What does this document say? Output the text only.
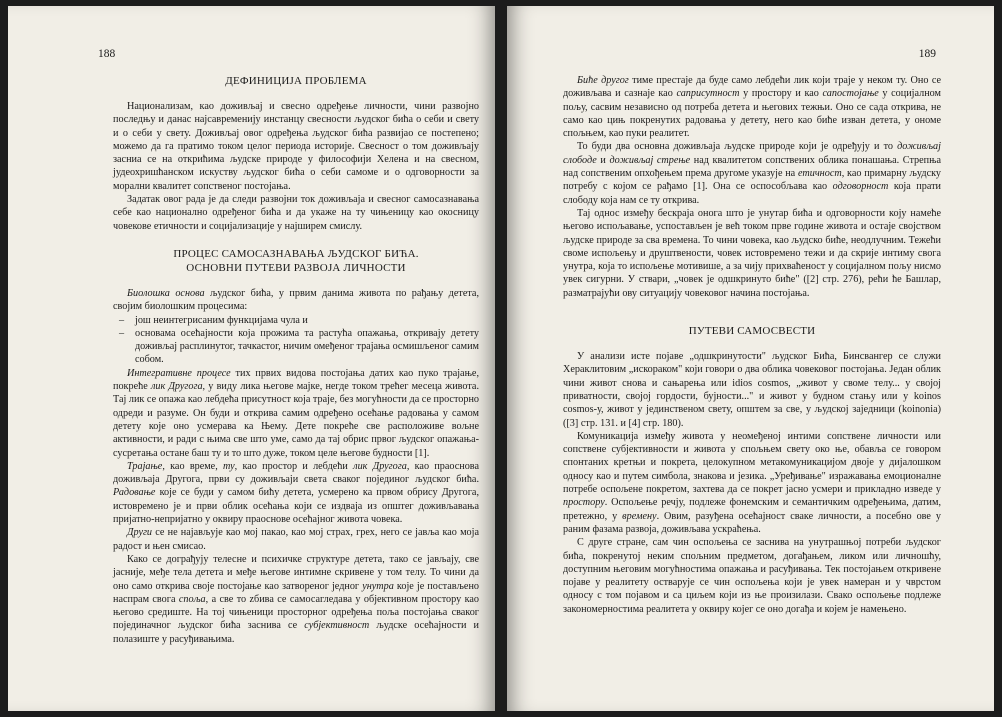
188
ДЕФИНИЦИЈА ПРОБЛЕМА

Национализам, као доживљај и свесно одређење личности, чини развојно последњу и данас најсавременију инстанцу свесности људског бића о себи и свету и о себи у свету. Доживљај овог одређења људског бића развијао се постепено; можемо да га пратимо током целог периода историје. Свесност о том доживљају засниа се на открићима људске природе у философији Хелена и на свесном, јудеохришћанском искуству људског бића о себи самоме и о одговорности за морални квалитет сопственог постојања.

Задатак овог рада је да следи развојни ток доживљаја и свесног самосазнавања себе као национално одређеног бића и да укаже на ту чињеницу као окосницу човекове етичности и социјализације у најширем смислу.

ПРОЦЕС САМОСАЗНАВАЊА ЉУДСКОГ БИЋА.
ОСНОВНИ ПУТЕВИ РАЗВОЈА ЛИЧНОСТИ

Биолошка основа људског бића, у првим данима живота по рађању детета, својим биолошким процесима:

– још неинтегрисаним функцијама чула и
– основама осећајности која прожима та растућа опажања, откривају детету доживљај расплинутог, тачкастог, ничим омеђеног трајања осмишљеног самим собом.

Интегративне процесе тих првих видова постојања датих као пуко трајање, покреће лик Другога, у виду лика његове мајке, негде током трећег месеца живота. Тај лик се опажа као лебдећа присутност која траје, без могућности да се просторно одреди и разуме. Он буди и открива самим одређено осећање радовања у самом детету које оно усмерава ка Њему. Дете покреће све расположиве вољне активности, и ради с њима све што уме, само да тај обрис првог људског опажања-сусретања остане баш ту и то што дуже, током целе његове будности [1].

Трајање, као време, ту, као простор и лебдећи лик Другога, као праоснова доживљаја Другога, први су доживљаји света сваког појединог људског бића. Радовање које се буди у самом бићу детета, усмерено ка првом обрису Другога, истовремено је и први облик осећања који се издваја из општег доживљавања пријатно-непријатно у оквиру праоснове осећајног живота човека.

Други се не најављује као мој пакао, као мој страх, грех, него се јавља као моја радост и њен смисао.

Како се дограђују телесне и психичке структуре детета, тако се јављају, све јасније, међе тела детета и међе његове интимне скривене у том телу. То чини да оно само открива своје постојање као затвореног једног унутра које је постављено наспрам свога споља, а све то zбива се самосагледава у објективном простору као његово средиште. На тој чињеници просторног одређења поља постојања сваког појединачног људског бића заснива се субјективност људске осећајности и полазиште у расуђивањима.

189

Биће другог тиме престаје да буде само лебдећи лик који траје у неком ту. Оно се доживљава и сазнаје као саприсутност у простору и као сапостојање у социјалном пољу, сасвим независно од потреба детета и његових тежњи. Оно се сада открива, не само као цињ покренутих радовања у детету, него као биће изван детета, у ономе спољњем, као пуки реалитет.

То буди два основна доживљаја људске природе који је одређују и то доживљај слободе и доживљај стрење над квалитетом сопствених облика понашања. Стрепња над сопственим опхођењем према другоме указује на етичност, као примарну људску потребу с којом се рађамо [1]. Она се оспособљава као одговорност која прати слободу која нам се ту открива.

Тај однос између бескраја онога што је унутар бића и одговорности коју намеће његово испољавање, успостављен је већ током прве године живота и остаје својством људске природе за сва времена. То чини човека, као људско биће, неодлучним. Тежећи своме испољењу и друштвености, човек истовремено тежи и да скрије интиму свога унутра, која то испољење мотивише, а за чију прихваћеност у социјалном пољу нисмо увек сигурни. У ствари, „човек је одшкринуто биће" ([2] стр. 276), рећи ће Башлар, разматрајући ову ситуацију човековог начина постојања.

ПУТЕВИ САМОСВЕСТИ

У анализи исте појаве „одшкринутости" људског Бића, Бинсвангер се служи Хераклитовим „искораком" који говори о два облика човековог постојања. Један облик чини живот снова и сањарења или idios cosmos, „живот у своме телу... у својој приватности, својој гордости, бујности..." и живот у будном стању или у koinos cosmos-у, живот у јединственом свету, општем за све, у људској заједници (koinonia) ([3] стр. 131. и [4] стр. 180).

Комуникација између живота у неомеђеној интими сопствене личности или сопствене субјективности и живота у спољњем свету око ње, обавља се говором спонтаних кретњи и покрета, целокупном метакомуникацијом двоје у дијалошком односу као и путем симбола, знакова и језика. „Уређивање" изражавања емоционалне потребе оспољене покретом, захтева да се покрет јасно усмери и прикладно изведе у простору. Оспољење речју, подлеже фонемским и семантичким одређењима, датим, претежно, у времену. Овим, разуђена осећајност сваке личности, а посебно ове у раним фазама развоја, доживљава ускраћења.

С друге стране, сам чин оспољења се заснива на унутрашњој потреби људског бића, покренутој неким спољним предметом, догађањем, ликом или личношћу, доступним његовим могућностима опажања и расуђивања. Тек постојањем откривене појаве у реалитету остварује се чин оспољења који је увек намеран и у чврстом односу с том појавом и са циљем који из ње произилази. Свако оспољење подлеже закономерностима реалитета у оквиру којег се оно догађа и којем је намењено.
